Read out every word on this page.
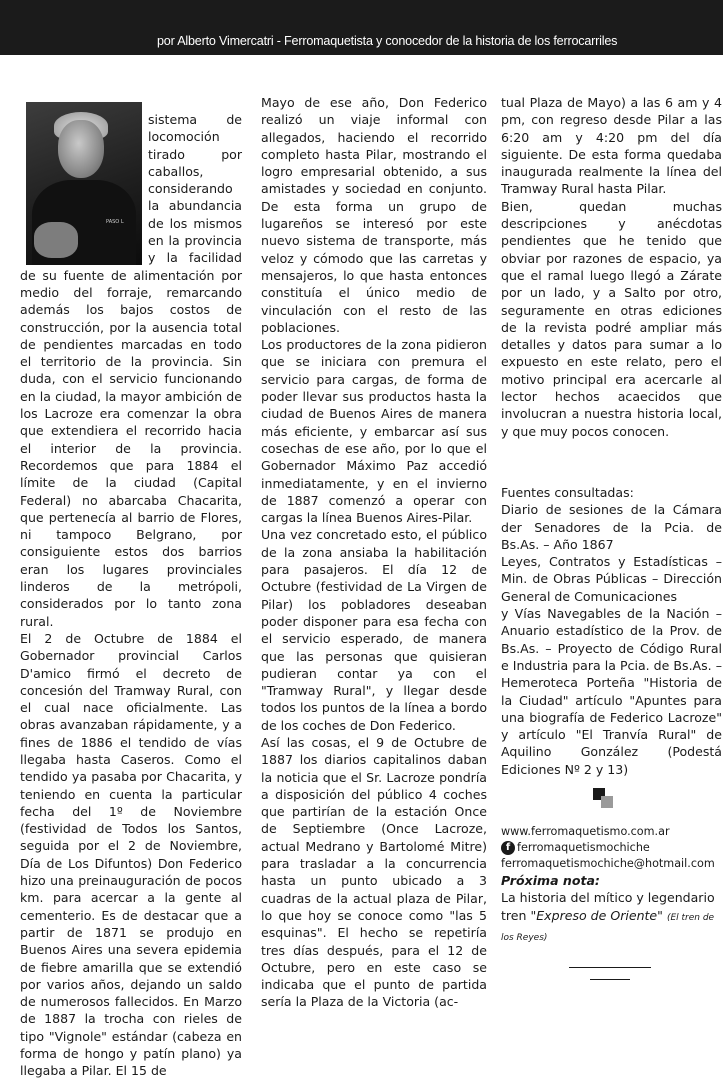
por Alberto Vimercatri - Ferromaquetista y conocedor de la historia de los ferrocarriles
PASO L

sistema de locomoción tirado por caballos, considerando la abundancia de los mismos en la provincia y la facilidad de su fuente de alimentación por medio del forraje, remarcando además los bajos costos de construcción, por la ausencia total de pendientes marcadas en todo el territorio de la provincia. Sin duda, con el servicio funcionando en la ciudad, la mayor ambición de los Lacroze era comenzar la obra que extendiera el recorrido hacia el interior de la provincia. Recordemos que para 1884 el límite de la ciudad (Capital Federal) no abarcaba Chacarita, que pertenecía al barrio de Flores, ni tampoco Belgrano, por consiguiente estos dos barrios eran los lugares provinciales linderos de la metrópoli, considerados por lo tanto zona rural.

El 2 de Octubre de 1884 el Gobernador provincial Carlos D'amico firmó el decreto de concesión del Tramway Rural, con el cual nace oficialmente. Las obras avanzaban rápidamente, y a fines de 1886 el tendido de vías llegaba hasta Caseros. Como el tendido ya pasaba por Chacarita, y teniendo en cuenta la particular fecha del 1º de Noviembre (festividad de Todos los Santos, seguida por el 2 de Noviembre, Día de Los Difuntos) Don Federico hizo una preinauguración de pocos km. para acercar a la gente al cementerio. Es de destacar que a partir de 1871 se produjo en Buenos Aires una severa epidemia de fiebre amarilla que se extendió por varios años, dejando un saldo de numerosos fallecidos. En Marzo de 1887 la trocha con rieles de tipo "Vignole" estándar (cabeza en forma de hongo y patín plano) ya llegaba a Pilar. El 15 de

Mayo de ese año, Don Federico realizó un viaje informal con allegados, haciendo el recorrido completo hasta Pilar, mostrando el logro empresarial obtenido, a sus amistades y sociedad en conjunto. De esta forma un grupo de lugareños se interesó por este nuevo sistema de transporte, más veloz y cómodo que las carretas y mensajeros, lo que hasta entonces constituía el único medio de vinculación con el resto de las poblaciones.

Los productores de la zona pidieron que se iniciara con premura el servicio para cargas, de forma de poder llevar sus productos hasta la ciudad de Buenos Aires de manera más eficiente, y embarcar así sus cosechas de ese año, por lo que el Gobernador Máximo Paz accedió inmediatamente, y en el invierno de 1887 comenzó a operar con cargas la línea Buenos Aires-Pilar.

Una vez concretado esto, el público de la zona ansiaba la habilitación para pasajeros. El día 12 de Octubre (festividad de La Virgen de Pilar) los pobladores deseaban poder disponer para esa fecha con el servicio esperado, de manera que las personas que quisieran pudieran contar ya con el "Tramway Rural", y llegar desde todos los puntos de la línea a bordo de los coches de Don Federico.

Así las cosas, el 9 de Octubre de 1887 los diarios capitalinos daban la noticia que el Sr. Lacroze pondría a disposición del público 4 coches que partirían de la estación Once de Septiembre (Once Lacroze, actual Medrano y Bartolomé Mitre) para trasladar a la concurrencia hasta un punto ubicado a 3 cuadras de la actual plaza de Pilar, lo que hoy se conoce como "las 5 esquinas". El hecho se repetiría tres días después, para el 12 de Octubre, pero en este caso se indicaba que el punto de partida sería la Plaza de la Victoria (ac-

tual Plaza de Mayo) a las 6 am y 4 pm, con regreso desde Pilar a las 6:20 am y 4:20 pm del día siguiente. De esta forma quedaba inaugurada realmente la línea del Tramway Rural hasta Pilar.

Bien, quedan muchas descripciones y anécdotas pendientes que he tenido que obviar por razones de espacio, ya que el ramal luego llegó a Zárate por un lado, y a Salto por otro, seguramente en otras ediciones de la revista podré ampliar más detalles y datos para sumar a lo expuesto en este relato, pero el motivo principal era acercarle al lector hechos acaecidos que involucran a nuestra historia local, y que muy pocos conocen.

Fuentes consultadas:

Diario de sesiones de la Cámara der Senadores de la Pcia. de Bs.As. – Año 1867

Leyes, Contratos y Estadísticas – Min. de Obras Públicas – Dirección General de Comunicaciones

y Vías Navegables de la Nación – Anuario estadístico de la Prov. de Bs.As. – Proyecto de Código Rural e Industria para la Pcia. de Bs.As. – Hemeroteca Porteña "Historia de la Ciudad" artículo "Apuntes para una biografía de Federico Lacroze" y artículo "El Tranvía Rural" de Aquilino González (Podestá Ediciones Nº 2 y 13)

www.ferromaquetismo.com.ar
f ferromaquetismochiche
ferromaquetismochiche@hotmail.com

Próxima nota:

La historia del mítico y legendario tren "Expreso de Oriente" (El tren de los Reyes)
